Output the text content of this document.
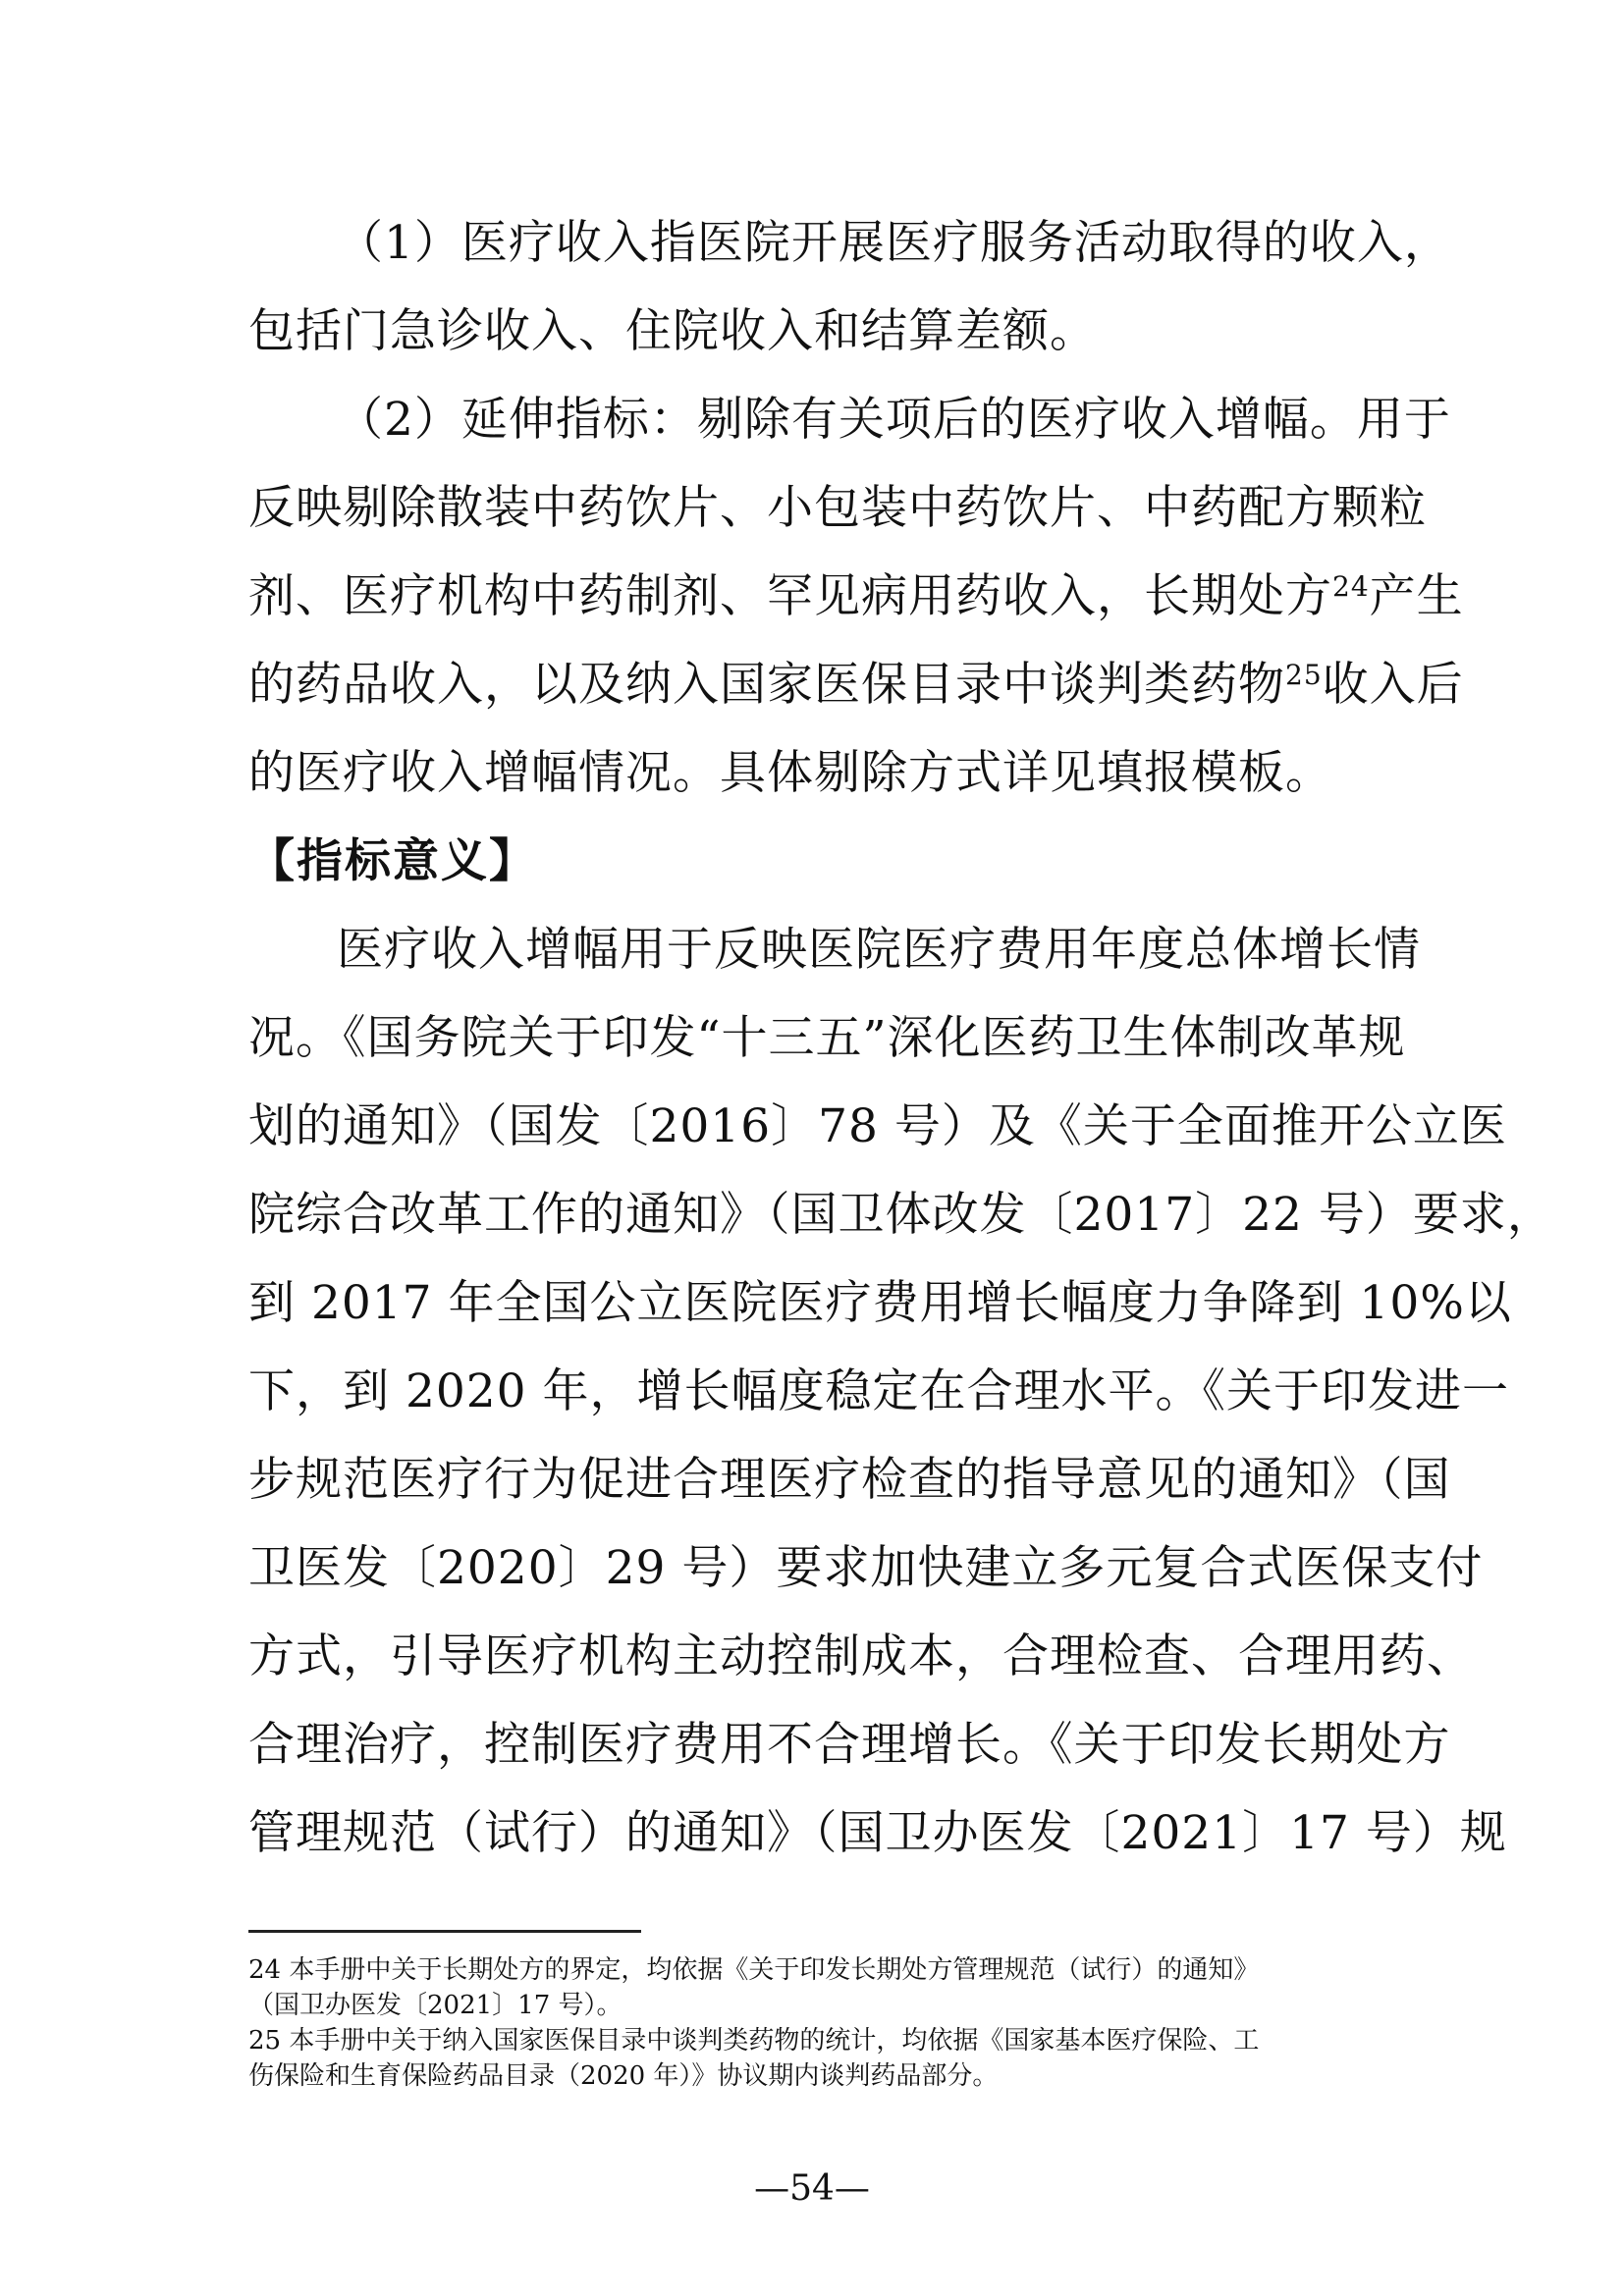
（1）医疗收入指医院开展医疗服务活动取得的收入，
包括门急诊收入、住院收入和结算差额。
（2）延伸指标：剔除有关项后的医疗收入增幅。用于
反映剔除散装中药饮片、小包装中药饮片、中药配方颗粒
剂、医疗机构中药制剂、罕见病用药收入，长期处方$^{24}$产生
的药品收入，以及纳入国家医保目录中谈判类药物$^{25}$收入后
的医疗收入增幅情况。具体剔除方式详见填报模板。
【指标意义】
医疗收入增幅用于反映医院医疗费用年度总体增长情
况。《国务院关于印发“十三五”深化医药卫生体制改革规
划的通知》（国发〔2016〕78 号）及《关于全面推开公立医
院综合改革工作的通知》（国卫体改发〔2017〕22 号）要求，
到 2017 年全国公立医院医疗费用增长幅度力争降到 10%以
下，到 2020 年，增长幅度稳定在合理水平。《关于印发进一
步规范医疗行为促进合理医疗检查的指导意见的通知》（国
卫医发〔2020〕29 号）要求加快建立多元复合式医保支付
方式，引导医疗机构主动控制成本，合理检查、合理用药、
合理治疗，控制医疗费用不合理增长。《关于印发长期处方
管理规范（试行）的通知》（国卫办医发〔2021〕17 号）规
24 本手册中关于长期处方的界定，均依据《关于印发长期处方管理规范（试行）的通知》
（国卫办医发〔2021〕17 号）。
25 本手册中关于纳入国家医保目录中谈判类药物的统计，均依据《国家基本医疗保险、工
伤保险和生育保险药品目录（2020 年）》协议期内谈判药品部分。
—54—
